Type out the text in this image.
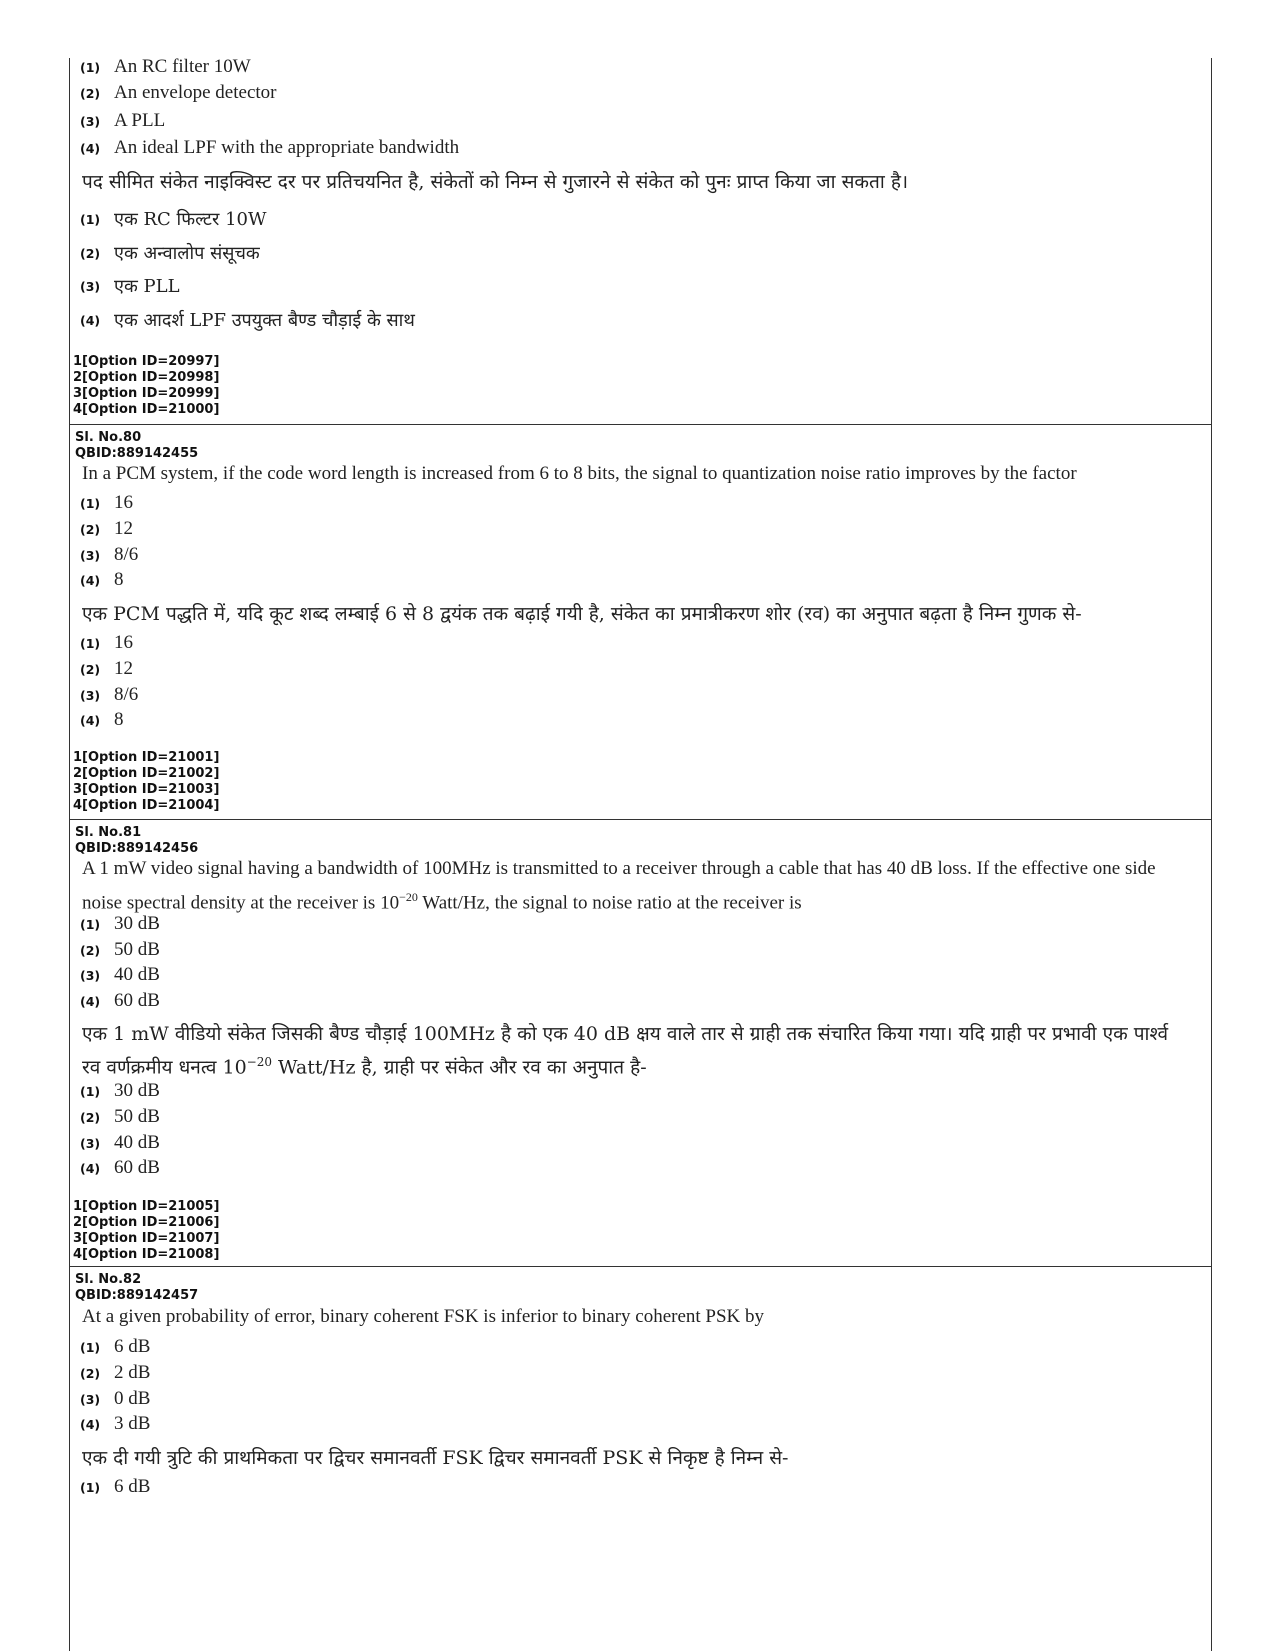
(1) An RC filter 10W
(2) An envelope detector
(3) A PLL
(4) An ideal LPF with the appropriate bandwidth
पद सीमित संकेत नाइक्विस्ट दर पर प्रतिचयनित है, संकेतों को निम्न से गुजारने से संकेत को पुनः प्राप्त किया जा सकता है।
(1) एक RC फिल्टर 10W
(2) एक अन्वालोप संसूचक
(3) एक PLL
(4) एक आदर्श LPF उपयुक्त बैण्ड चौड़ाई के साथ
1[Option ID=20997]
2[Option ID=20998]
3[Option ID=20999]
4[Option ID=21000]
Sl. No.80
QBID:889142455
In a PCM system, if the code word length is increased from 6 to 8 bits, the signal to quantization noise ratio improves by the factor
(1) 16
(2) 12
(3) 8/6
(4) 8
एक PCM पद्धति में, यदि कूट शब्द लम्बाई 6 से 8 द्वयंक तक बढ़ाई गयी है, संकेत का प्रमात्रीकरण शोर (रव) का अनुपात बढ़ता है निम्न गुणक से-
(1) 16
(2) 12
(3) 8/6
(4) 8
1[Option ID=21001]
2[Option ID=21002]
3[Option ID=21003]
4[Option ID=21004]
Sl. No.81
QBID:889142456
A 1 mW video signal having a bandwidth of 100MHz is transmitted to a receiver through a cable that has 40 dB loss. If the effective one side noise spectral density at the receiver is $10^{-20}$ Watt/Hz, the signal to noise ratio at the receiver is
(1) 30 dB
(2) 50 dB
(3) 40 dB
(4) 60 dB
एक 1 mW वीडियो संकेत जिसकी बैण्ड चौड़ाई 100MHz है को एक 40 dB क्षय वाले तार से ग्राही तक संचारित किया गया। यदि ग्राही पर प्रभावी एक पार्श्व रव वर्णक्रमीय धनत्व $10^{-20}$ Watt/Hz है, ग्राही पर संकेत और रव का अनुपात है-
(1) 30 dB
(2) 50 dB
(3) 40 dB
(4) 60 dB
1[Option ID=21005]
2[Option ID=21006]
3[Option ID=21007]
4[Option ID=21008]
Sl. No.82
QBID:889142457
At a given probability of error, binary coherent FSK is inferior to binary coherent PSK by
(1) 6 dB
(2) 2 dB
(3) 0 dB
(4) 3 dB
एक दी गयी त्रुटि की प्राथमिकता पर द्विचर समानवर्ती FSK द्विचर समानवर्ती PSK से निकृष्ट है निम्न से-
(1) 6 dB
